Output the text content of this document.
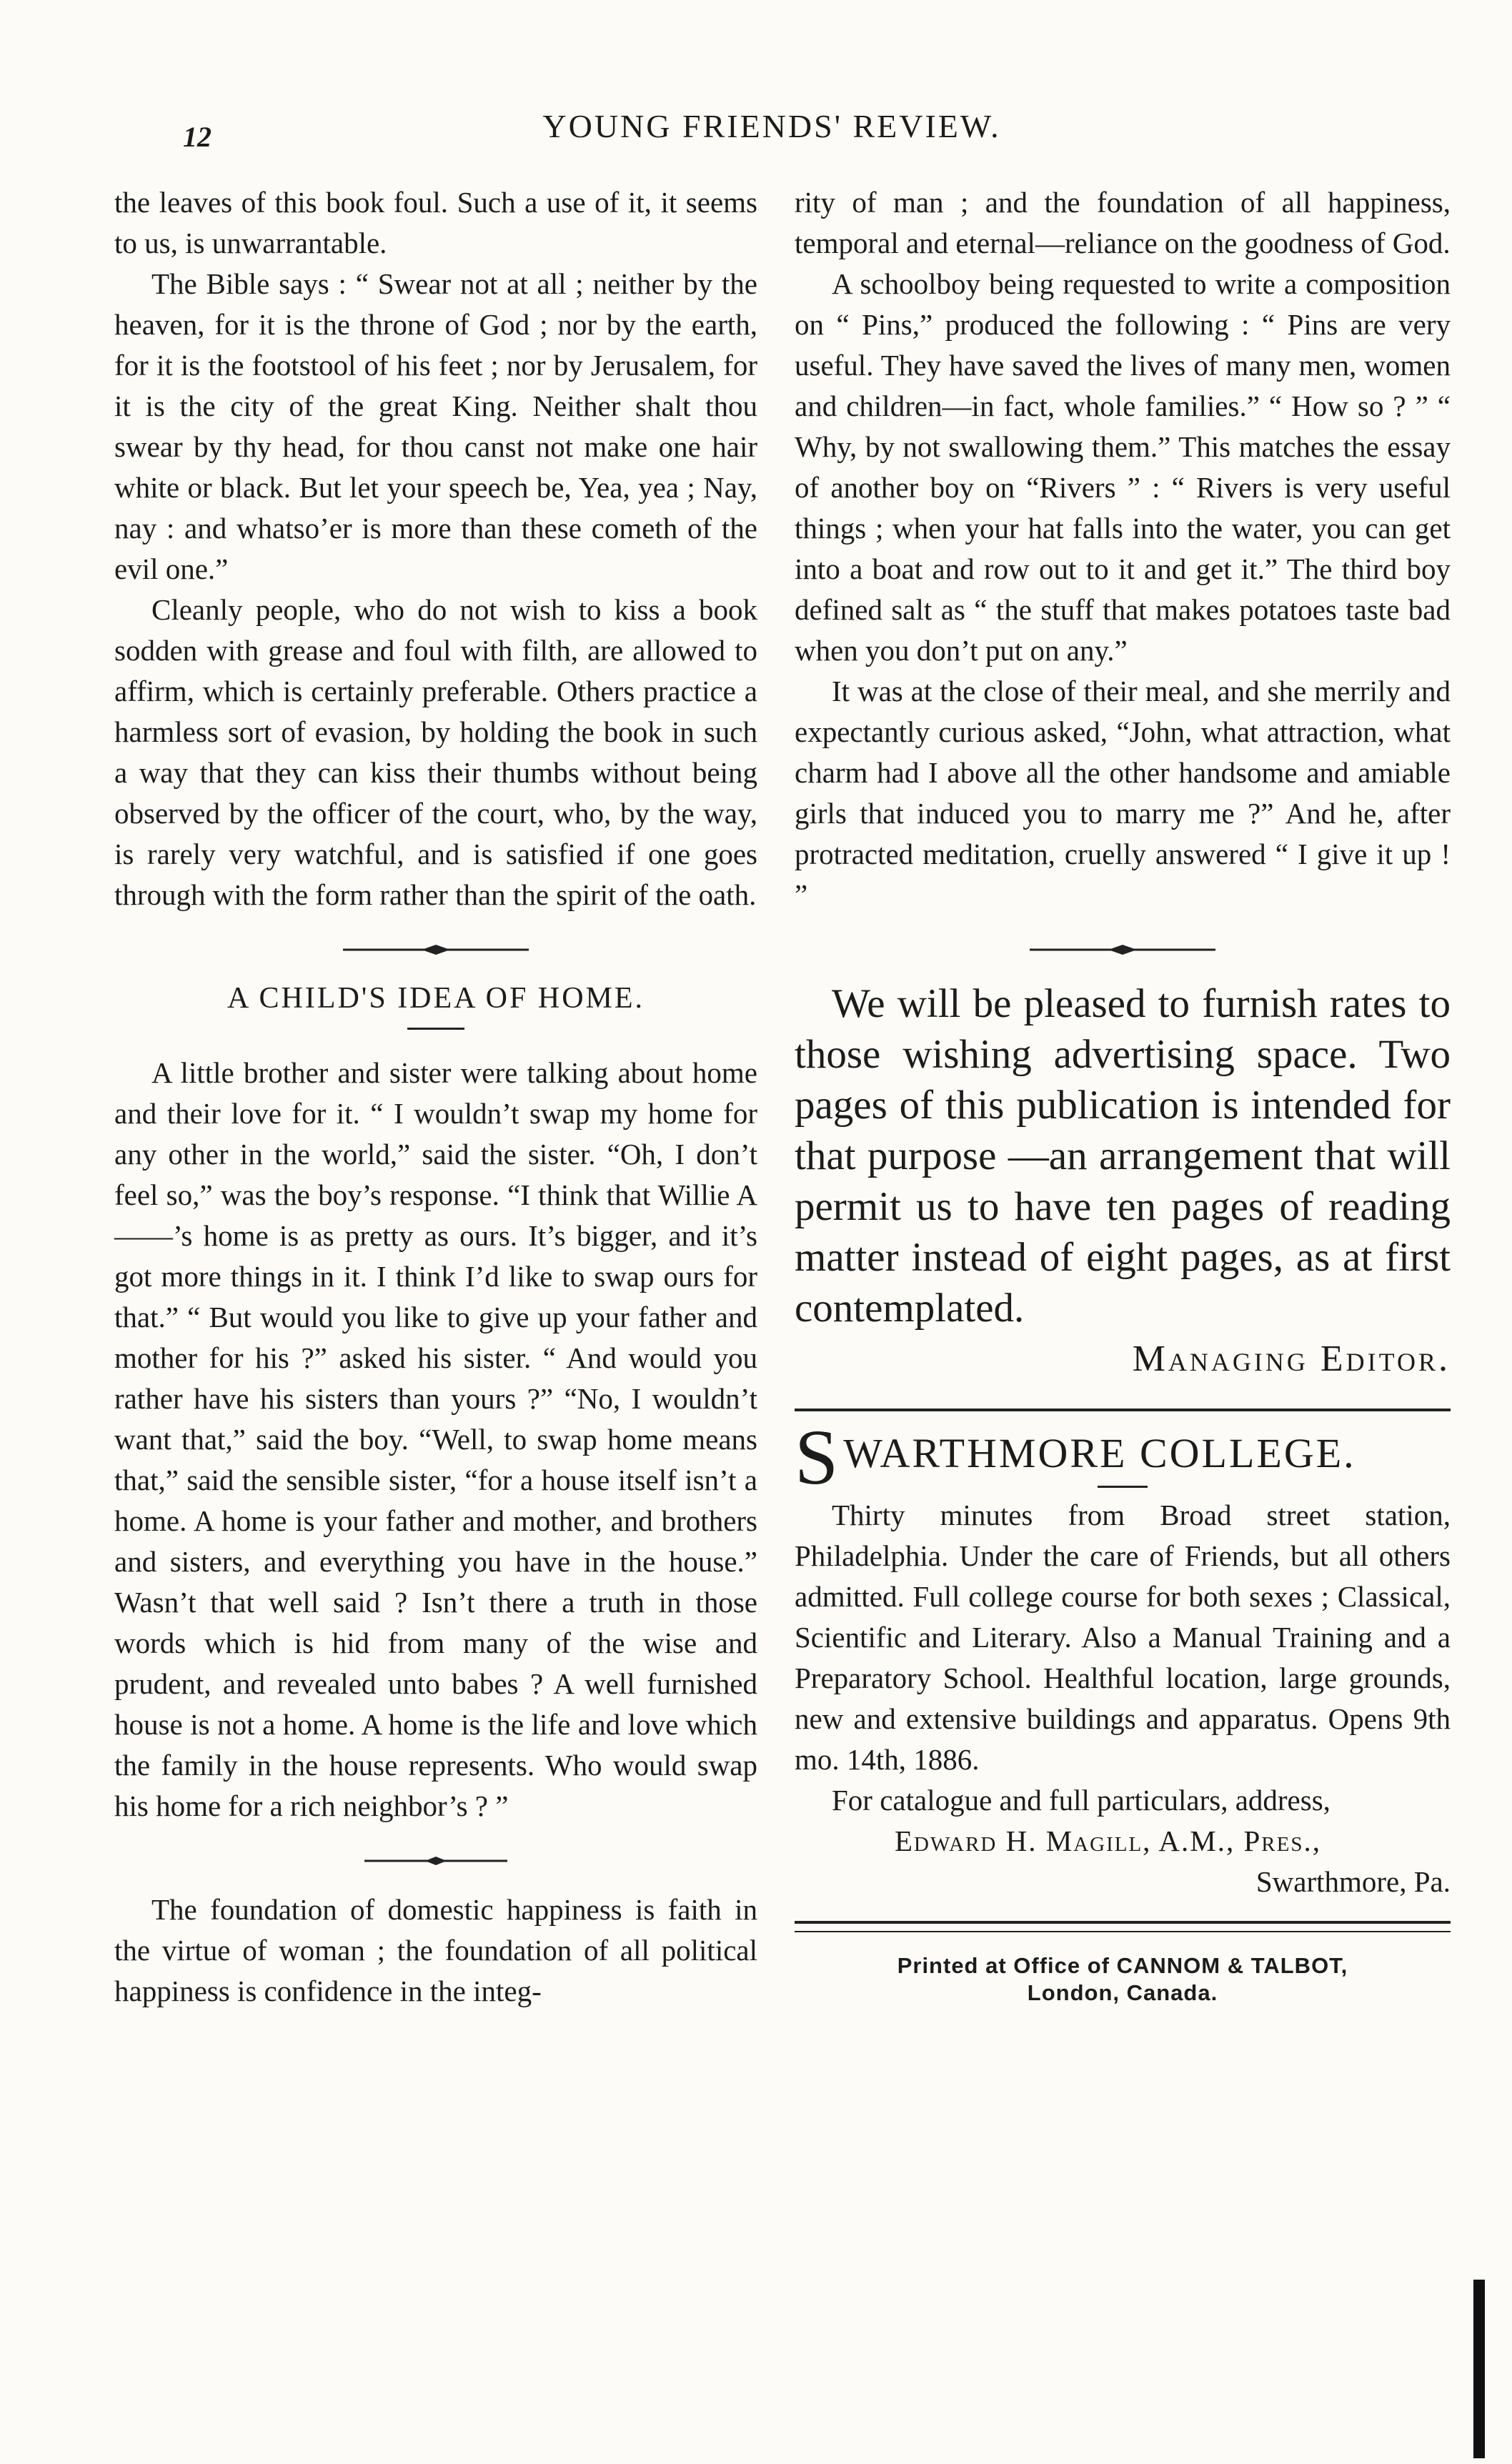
12	YOUNG FRIENDS' REVIEW.

the leaves of this book foul. Such a use of it, it seems to us, is unwarrantable.

The Bible says : “ Swear not at all ; neither by the heaven, for it is the throne of God ; nor by the earth, for it is the footstool of his feet ; nor by Jerusalem, for it is the city of the great King. Neither shalt thou swear by thy head, for thou canst not make one hair white or black. But let your speech be, Yea, yea ; Nay, nay : and whatso’er is more than these cometh of the evil one.”

Cleanly people, who do not wish to kiss a book sodden with grease and foul with filth, are allowed to affirm, which is certainly preferable. Others practice a harmless sort of evasion, by holding the book in such a way that they can kiss their thumbs without being observed by the officer of the court, who, by the way, is rarely very watchful, and is satisfied if one goes through with the form rather than the spirit of the oath.

A CHILD'S IDEA OF HOME.

A little brother and sister were talking about home and their love for it. “ I wouldn’t swap my home for any other in the world,” said the sister. “Oh, I don’t feel so,” was the boy’s response. “I think that Willie A——’s home is as pretty as ours. It’s bigger, and it’s got more things in it. I think I’d like to swap ours for that.” “ But would you like to give up your father and mother for his ?” asked his sister. “ And would you rather have his sisters than yours ?” “No, I wouldn’t want that,” said the boy. “Well, to swap home means that,” said the sensible sister, “for a house itself isn’t a home. A home is your father and mother, and brothers and sisters, and everything you have in the house.” Wasn’t that well said ? Isn’t there a truth in those words which is hid from many of the wise and prudent, and revealed unto babes ? A well furnished house is not a home. A home is the life and love which the family in the house represents. Who would swap his home for a rich neighbor’s ? ”

The foundation of domestic happiness is faith in the virtue of woman ; the foundation of all political happiness is confidence in the integ-

rity of man ; and the foundation of all happiness, temporal and eternal—reliance on the goodness of God.

A schoolboy being requested to write a composition on “ Pins,” produced the following : “ Pins are very useful. They have saved the lives of many men, women and children—in fact, whole families.” “ How so ? ” “ Why, by not swallowing them.” This matches the essay of another boy on “Rivers ” : “ Rivers is very useful things ; when your hat falls into the water, you can get into a boat and row out to it and get it.” The third boy defined salt as “ the stuff that makes potatoes taste bad when you don’t put on any.”

It was at the close of their meal, and she merrily and expectantly curious asked, “John, what attraction, what charm had I above all the other handsome and amiable girls that induced you to marry me ?” And he, after protracted meditation, cruelly answered “ I give it up ! ”

We will be pleased to furnish rates to those wishing advertising space. Two pages of this publication is intended for that purpose —an arrangement that will permit us to have ten pages of reading matter instead of eight pages, as at first contemplated.

Managing Editor.

SWARTHMORE COLLEGE.

Thirty minutes from Broad street station, Philadelphia. Under the care of Friends, but all others admitted. Full college course for both sexes ; Classical, Scientific and Literary. Also a Manual Training and a Preparatory School. Healthful location, large grounds, new and extensive buildings and apparatus. Opens 9th mo. 14th, 1886.

For catalogue and full particulars, address,

Edward H. Magill, A.M., Pres.,

Swarthmore, Pa.

Printed at Office of CANNOM & TALBOT,
London, Canada.
